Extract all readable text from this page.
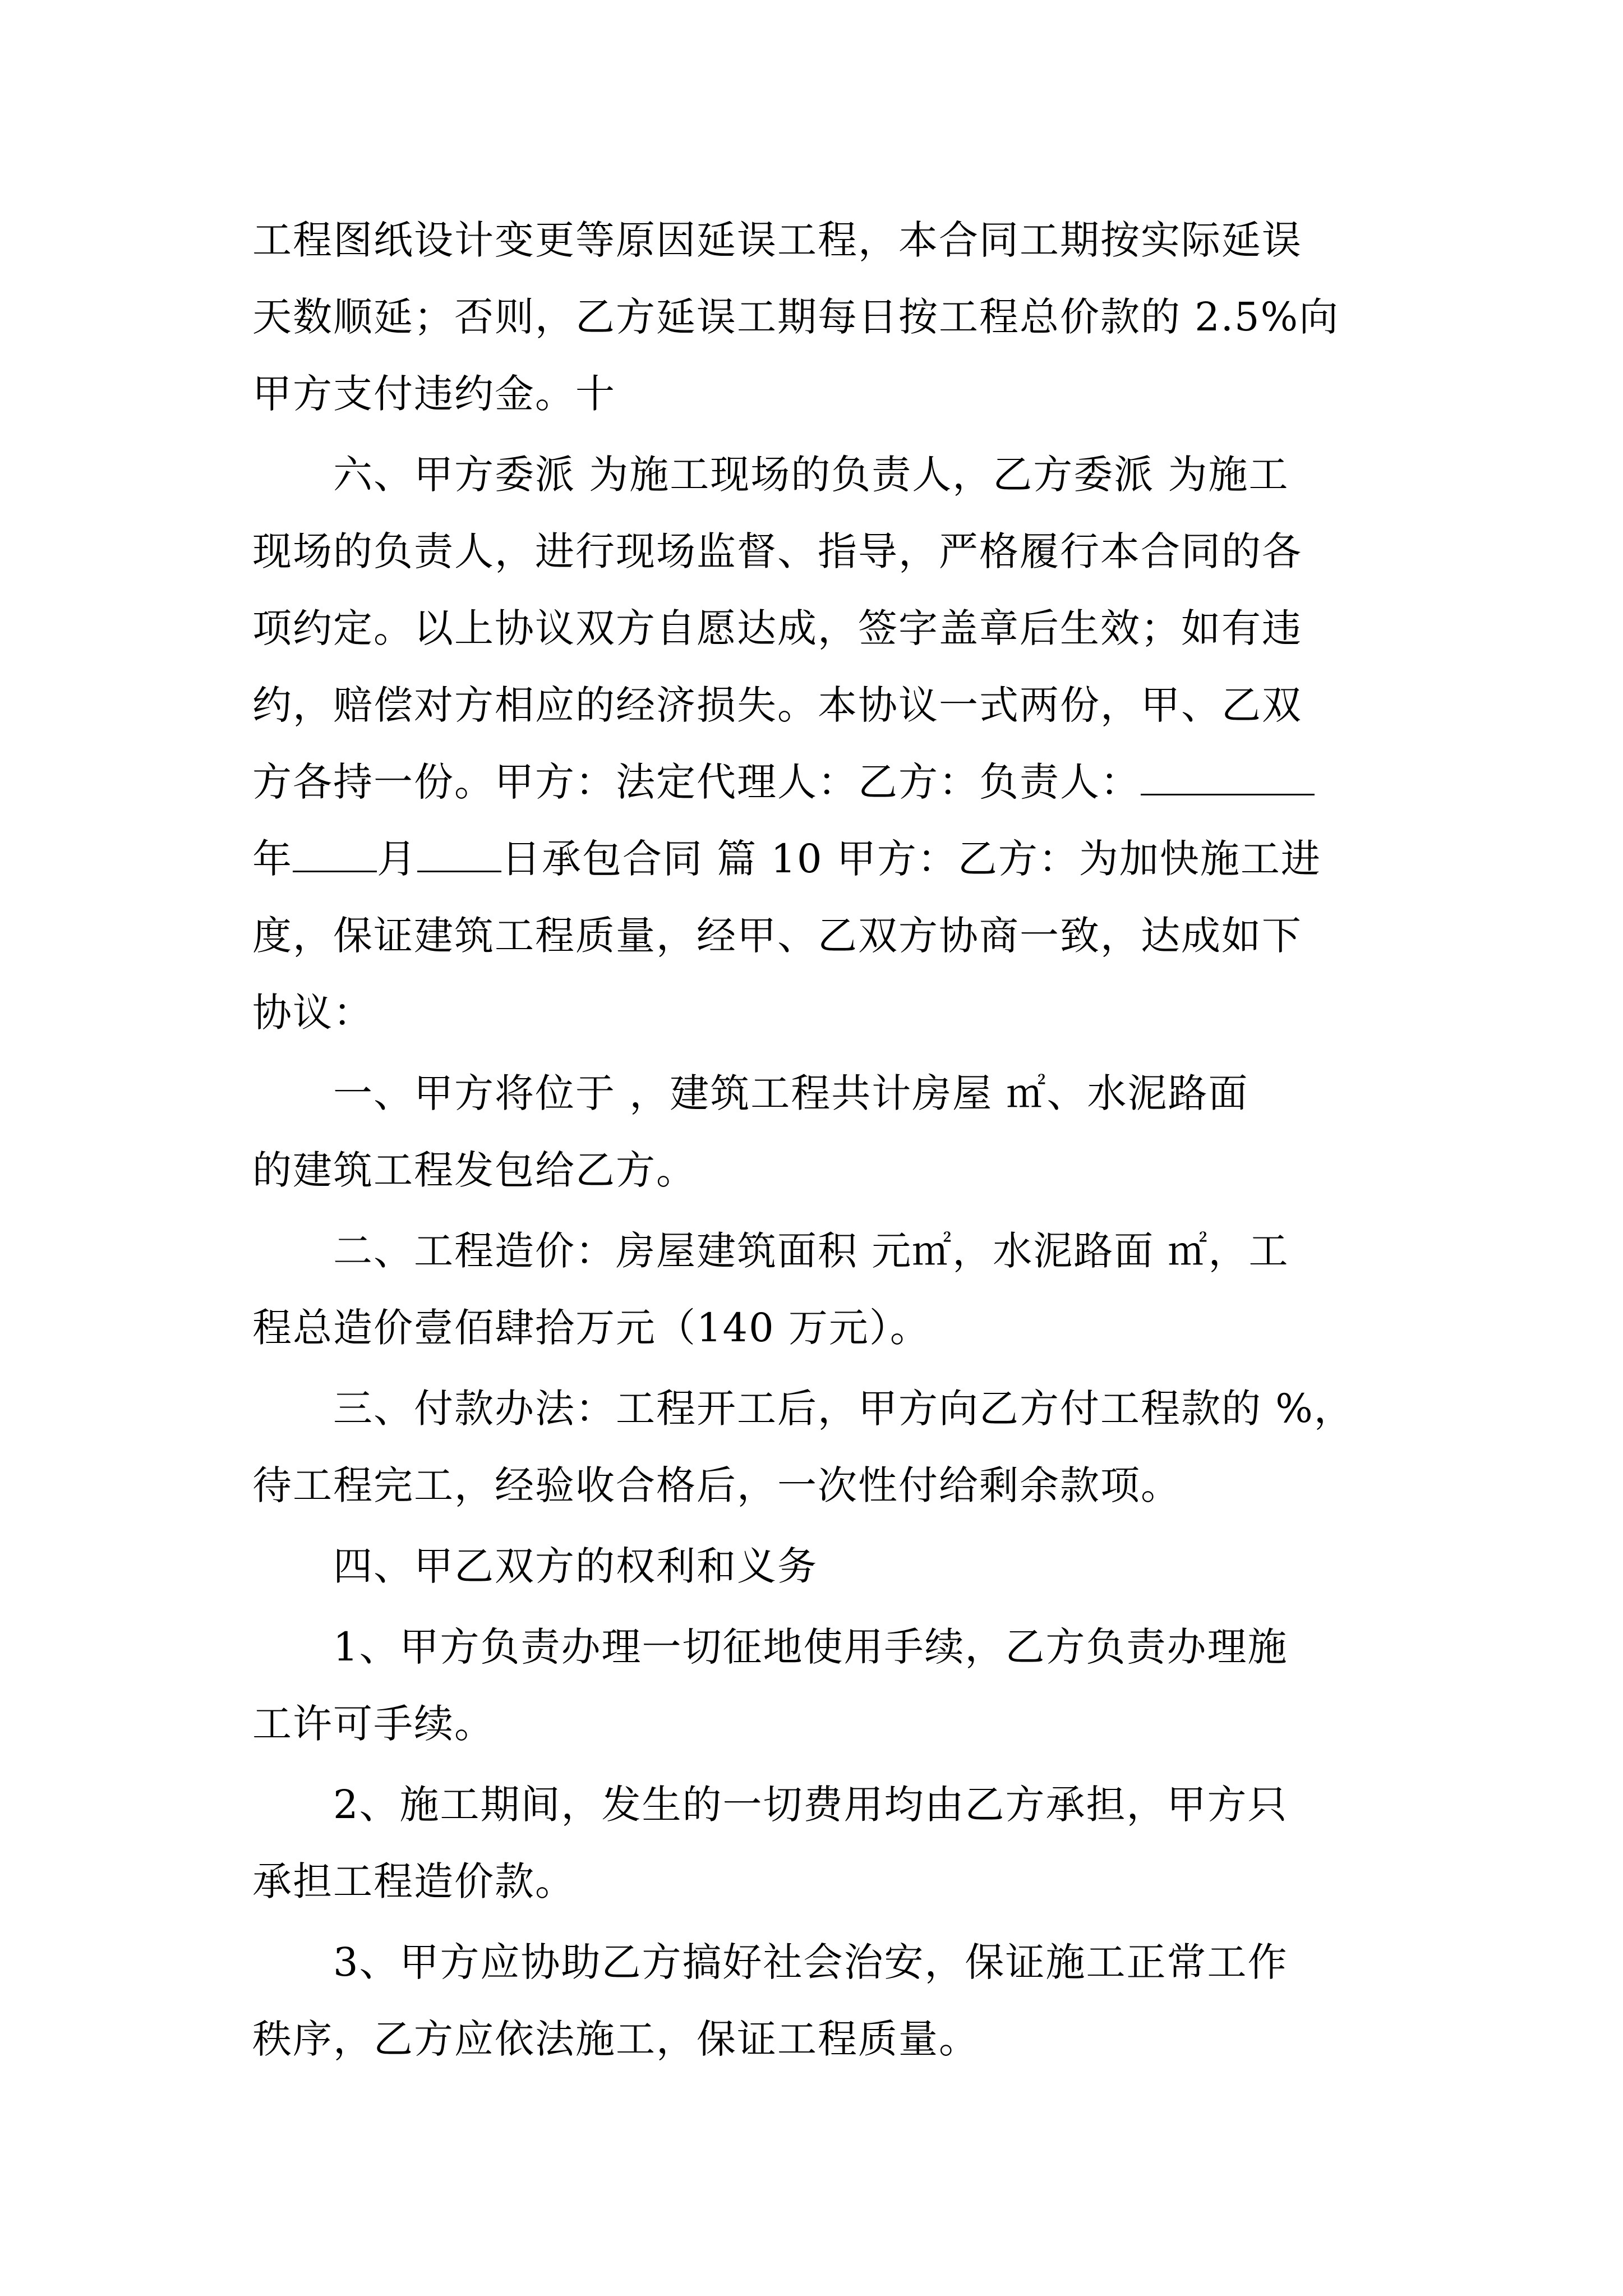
工程图纸设计变更等原因延误工程，本合同工期按实际延误
天数顺延；否则，乙方延误工期每日按工程总价款的 2.5%向
甲方支付违约金。十
　　六、甲方委派 为施工现场的负责人，乙方委派 为施工
现场的负责人，进行现场监督、指导，严格履行本合同的各
项约定。以上协议双方自愿达成，签字盖章后生效；如有违
约，赔偿对方相应的经济损失。本协议一式两份，甲、乙双
方各持一份。甲方：法定代理人：乙方：负责人：
年 月 日承包合同 篇 10 甲方：乙方：为加快施工进
度，保证建筑工程质量，经甲、乙双方协商一致，达成如下
协议：
　　一、甲方将位于 ，建筑工程共计房屋 ㎡、水泥路面
的建筑工程发包给乙方。
　　二、工程造价：房屋建筑面积 元㎡，水泥路面 ㎡，工
程总造价壹佰肆拾万元（140 万元）。
　　三、付款办法：工程开工后，甲方向乙方付工程款的 %，
待工程完工，经验收合格后，一次性付给剩余款项。
　　四、甲乙双方的权利和义务
　　1、甲方负责办理一切征地使用手续，乙方负责办理施
工许可手续。
　　2、施工期间，发生的一切费用均由乙方承担，甲方只
承担工程造价款。
　　3、甲方应协助乙方搞好社会治安，保证施工正常工作
秩序，乙方应依法施工，保证工程质量。
